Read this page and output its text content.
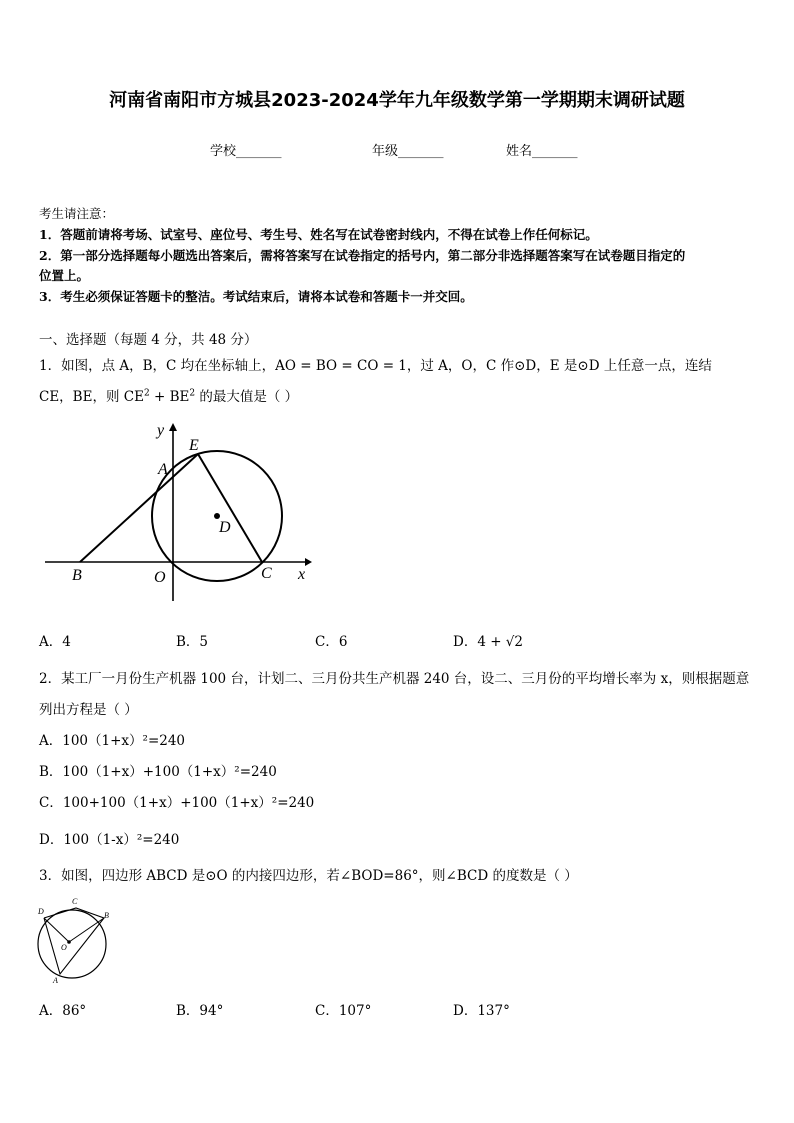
河南省南阳市方城县2023-2024学年九年级数学第一学期期末调研试题
学校_______	年级_______	姓名_______
考生请注意：
1．答题前请将考场、试室号、座位号、考生号、姓名写在试卷密封线内，不得在试卷上作任何标记。
2．第一部分选择题每小题选出答案后，需将答案写在试卷指定的括号内，第二部分非选择题答案写在试卷题目指定的
位置上。
3．考生必须保证答题卡的整洁。考试结束后，请将本试卷和答题卡一并交回。
一、选择题（每题 4 分，共 48 分）
1．如图，点 A，B，C 均在坐标轴上，AO = BO = CO = 1，过 A，O，C 作⊙D，E 是⊙D 上任意一点，连结
CE，BE，则 $CE^2 + BE^2$ 的最大值是（ ）
y
x
E
A
D
B	O	C
A．4	B．5	C．6	D．4 + √2
2．某工厂一月份生产机器 100 台，计划二、三月份共生产机器 240 台，设二、三月份的平均增长率为 x，则根据题意
列出方程是（ ）
A．100（1+x）²=240
B．100（1+x）+100（1+x）²=240
C．100+100（1+x）+100（1+x）²=240
D．100（1-x）²=240
3．如图，四边形 ABCD 是⊙O 的内接四边形，若∠BOD=86°，则∠BCD 的度数是（ ）
D
C
B
O
A
A．86°	B．94°	C．107°	D．137°
